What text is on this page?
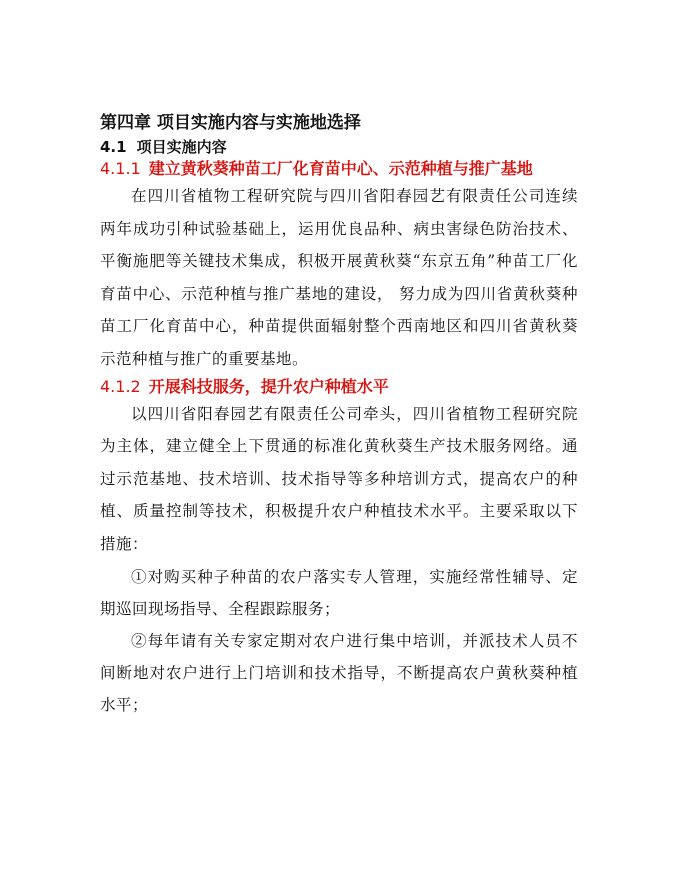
第四章 项目实施内容与实施地选择
4.1 项目实施内容
4.1.1 建立黄秋葵种苗工厂化育苗中心、示范种植与推广基地

在四川省植物工程研究院与四川省阳春园艺有限责任公司连续两年成功引种试验基础上，运用优良品种、病虫害绿色防治技术、平衡施肥等关键技术集成，积极开展黄秋葵“东京五角”种苗工厂化育苗中心、示范种植与推广基地的建设， 努力成为四川省黄秋葵种苗工厂化育苗中心，种苗提供面辐射整个西南地区和四川省黄秋葵示范种植与推广的重要基地。

4.1.2 开展科技服务，提升农户种植水平

以四川省阳春园艺有限责任公司牵头，四川省植物工程研究院为主体，建立健全上下贯通的标准化黄秋葵生产技术服务网络。通过示范基地、技术培训、技术指导等多种培训方式，提高农户的种植、质量控制等技术，积极提升农户种植技术水平。主要采取以下措施：

①对购买种子种苗的农户落实专人管理，实施经常性辅导、定期巡回现场指导、全程跟踪服务；

②每年请有关专家定期对农户进行集中培训，并派技术人员不间断地对农户进行上门培训和技术指导，不断提高农户黄秋葵种植水平；
